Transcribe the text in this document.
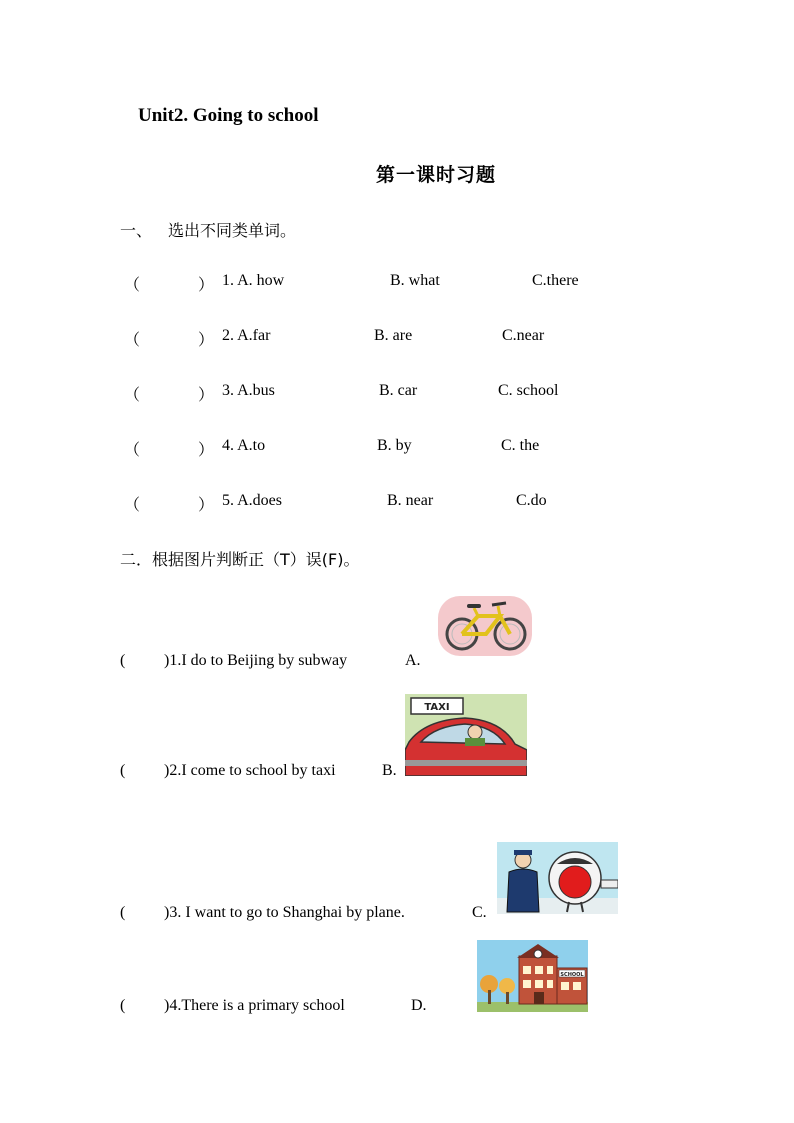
Unit2. Going to school
第一课时习题
一、 选出不同类单词。
（	） 1. A. how	B. what	C.there
（	） 2. A.far	B. are	C.near
（	） 3. A.bus	B. car	C. school
（	） 4. A.to	B. by	C. the
（	） 5. A.does	B. near	C.do
二．根据图片判断正（T）误(F)。
( )1.I do to Beijing by subway	A.
( )2.I come to school by taxi	B.
TAXI
( )3. I want to go to Shanghai by plane.	C.
( )4.There is a primary school	D.
SCHOOL
